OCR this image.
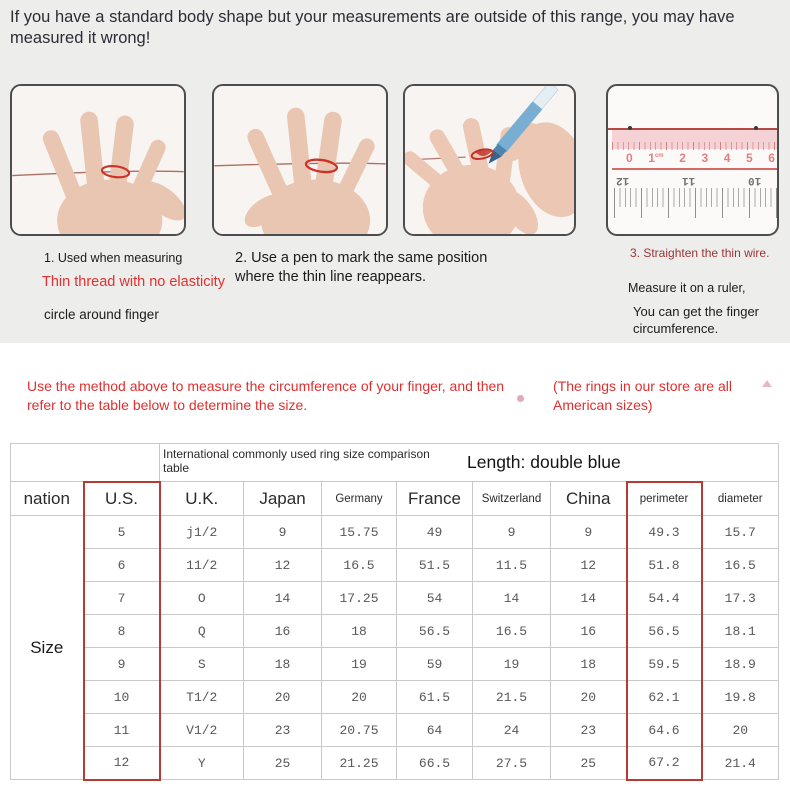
If you have a standard body shape but your measurements are outside of this range, you may have measured it wrong!
0 $1^{cm}$ 2 3 4 5 6
12	11	10
1. Used when measuring
Thin thread with no elasticity
circle around finger
2. Use a pen to mark the same position where the thin line reappears.
3. Straighten the thin wire.
Measure it on a ruler,
You can get the finger circumference.
Use the method above to measure the circumference of your finger, and then refer to the table below to determine the size.
(The rings in our store are all American sizes)

		International commonly used ring size comparison table Length: double blue							

nation	U.S.	U.K.	Japan	Germany	France	Switzerland	China	perimeter	diameter
Size	5	j1/2	9	15.75	49	9	9	49.3	15.7
	6	11/2	12	16.5	51.5	11.5	12	51.8	16.5
	7	O	14	17.25	54	14	14	54.4	17.3
	8	Q	16	18	56.5	16.5	16	56.5	18.1
	9	S	18	19	59	19	18	59.5	18.9
	10	T1/2	20	20	61.5	21.5	20	62.1	19.8
	11	V1/2	23	20.75	64	24	23	64.6	20
	12	Y	25	21.25	66.5	27.5	25	67.2	21.4
